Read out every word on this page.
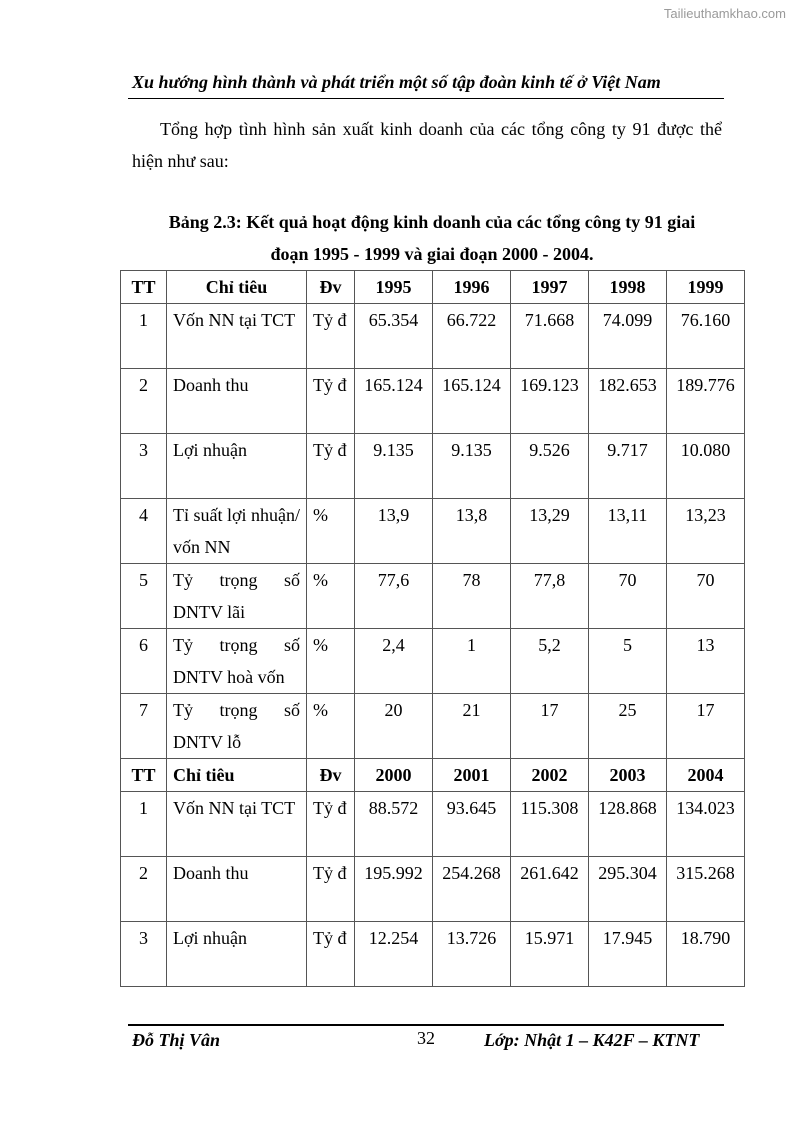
Tailieuthamkhao.com
Xu hướng hình thành và phát triển một số tập đoàn kinh tế ở Việt Nam
Tổng hợp tình hình sản xuất kinh doanh của các tổng công ty 91 được thể hiện như sau:
Bảng 2.3: Kết quả hoạt động kinh doanh của các tổng công ty 91 giai
đoạn 1995 - 1999 và giai đoạn 2000 - 2004.
TT	Chỉ tiêu	Đv	1995	1996	1997	1998	1999
1	Vốn NN tại TCT	Tỷ đ	65.354	66.722	71.668	74.099	76.160
2	Doanh thu	Tỷ đ	165.124	165.124	169.123	182.653	189.776
3	Lợi nhuận	Tỷ đ	9.135	9.135	9.526	9.717	10.080
4	Tỉ suất lợi nhuận/ vốn NN	%	13,9	13,8	13,29	13,11	13,23
5	Tỷ trọng số DNTV lãi	%	77,6	78	77,8	70	70
6	Tỷ trọng số DNTV hoà vốn	%	2,4	1	5,2	5	13
7	Tỷ trọng số DNTV lỗ	%	20	21	17	25	17
TT	Chỉ tiêu	Đv	2000	2001	2002	2003	2004
1	Vốn NN tại TCT	Tỷ đ	88.572	93.645	115.308	128.868	134.023
2	Doanh thu	Tỷ đ	195.992	254.268	261.642	295.304	315.268
3	Lợi nhuận	Tỷ đ	12.254	13.726	15.971	17.945	18.790
Đỗ Thị Vân	32	Lớp: Nhật 1 – K42F – KTNT
